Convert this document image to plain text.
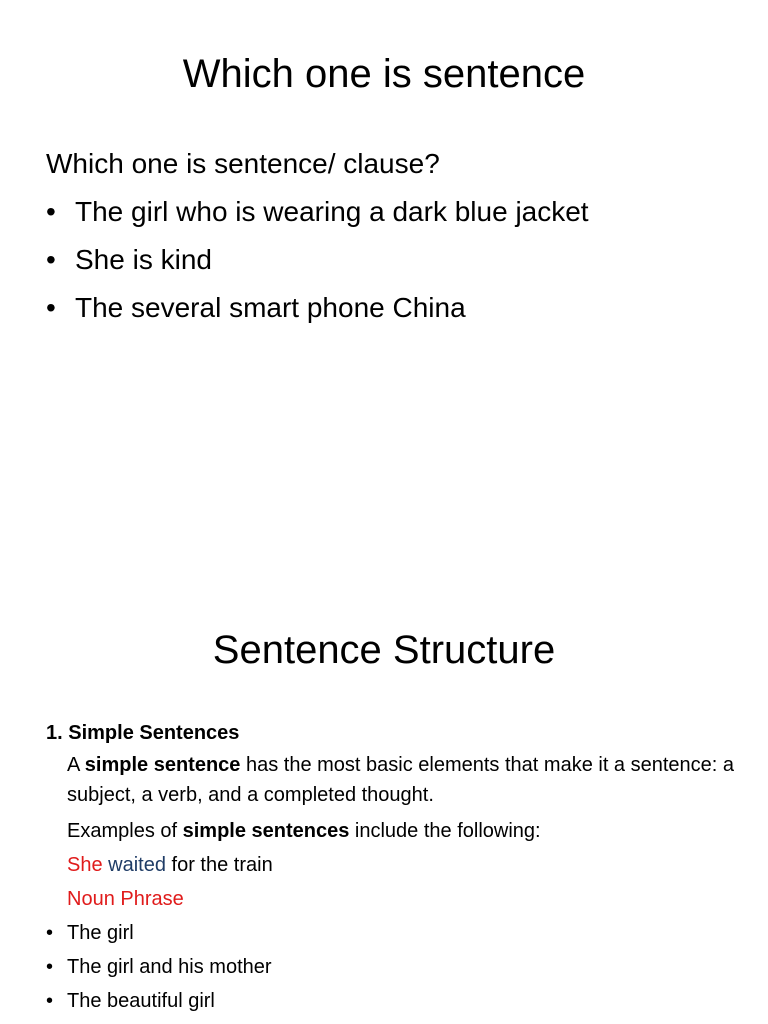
Which one is sentence

Which one is sentence/ clause?

• The girl who is wearing a dark blue jacket
• She is kind
• The several smart phone China
Sentence Structure

1. Simple Sentences

A simple sentence has the most basic elements that make it a sentence: a subject, a verb, and a completed thought.

Examples of simple sentences include the following:

She waited for the train

Noun Phrase

• The girl
• The girl and his mother
• The beautiful girl
